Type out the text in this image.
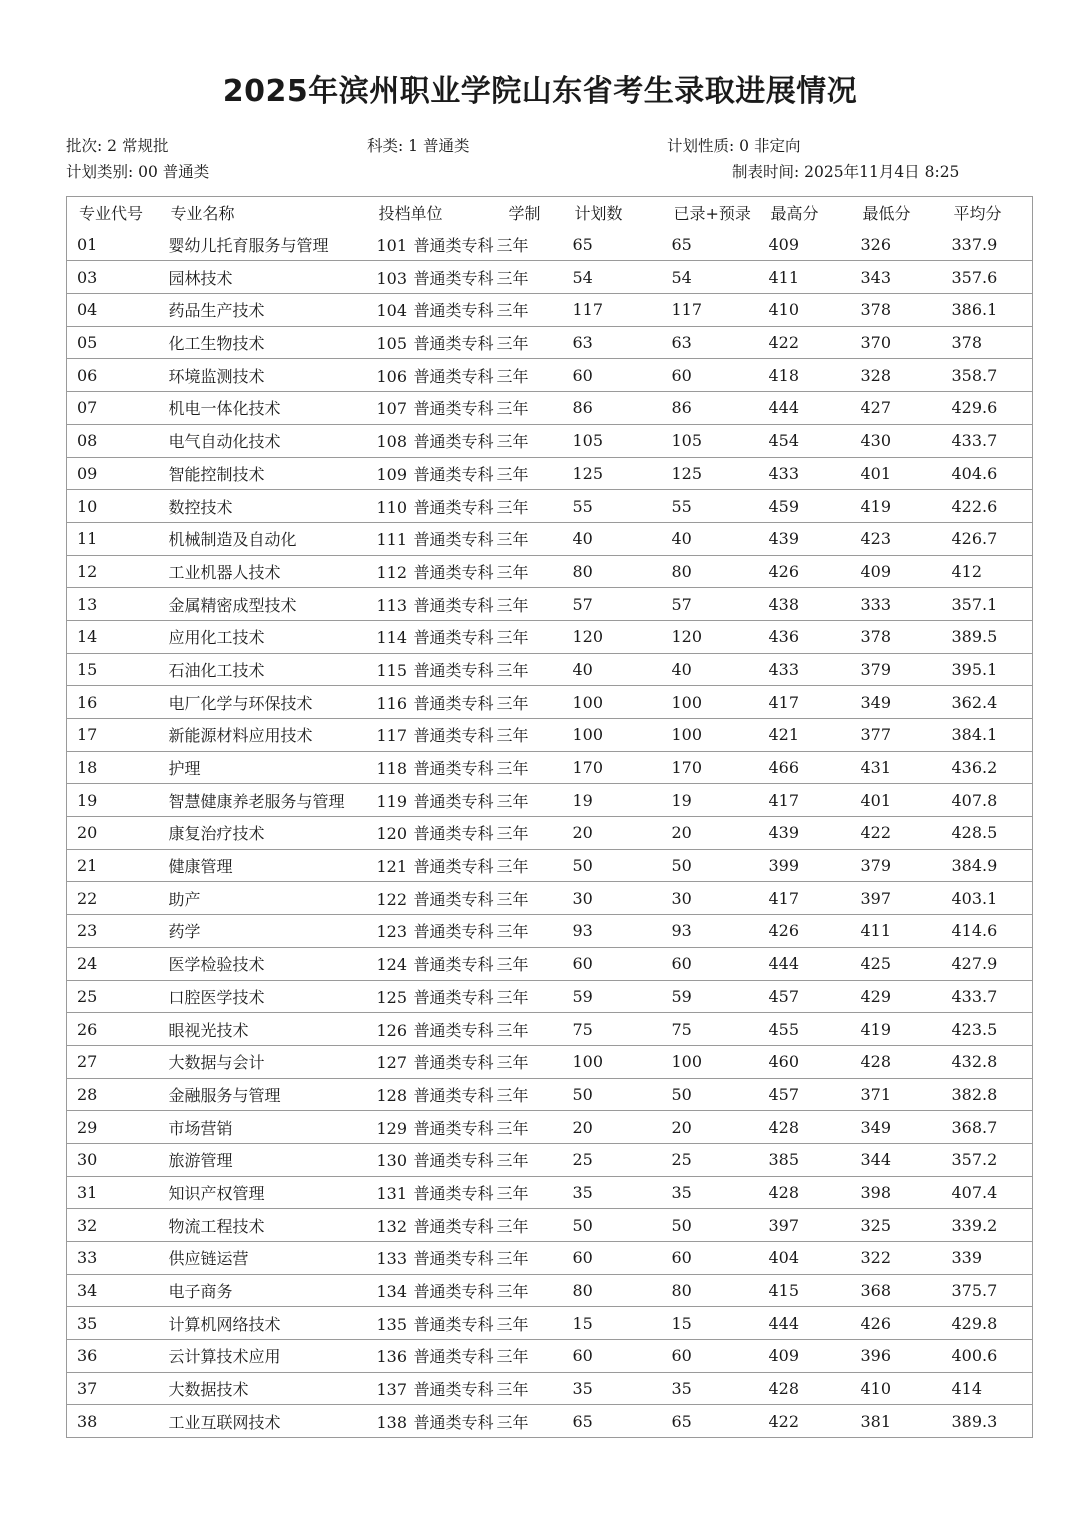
2025年滨州职业学院山东省考生录取进展情况
批次: 2 常规批	科类: 1 普通类	计划性质: 0 非定向
计划类别: 00 普通类	制表时间: 2025年11月4日 8:25
专业代号	专业名称	投档单位	学制	计划数	已录+预录	最高分	最低分	平均分
01	婴幼儿托育服务与管理	101 普通类专科	三年	65	65	409	326	337.9
03	园林技术	103 普通类专科	三年	54	54	411	343	357.6
04	药品生产技术	104 普通类专科	三年	117	117	410	378	386.1
05	化工生物技术	105 普通类专科	三年	63	63	422	370	378
06	环境监测技术	106 普通类专科	三年	60	60	418	328	358.7
07	机电一体化技术	107 普通类专科	三年	86	86	444	427	429.6
08	电气自动化技术	108 普通类专科	三年	105	105	454	430	433.7
09	智能控制技术	109 普通类专科	三年	125	125	433	401	404.6
10	数控技术	110 普通类专科	三年	55	55	459	419	422.6
11	机械制造及自动化	111 普通类专科	三年	40	40	439	423	426.7
12	工业机器人技术	112 普通类专科	三年	80	80	426	409	412
13	金属精密成型技术	113 普通类专科	三年	57	57	438	333	357.1
14	应用化工技术	114 普通类专科	三年	120	120	436	378	389.5
15	石油化工技术	115 普通类专科	三年	40	40	433	379	395.1
16	电厂化学与环保技术	116 普通类专科	三年	100	100	417	349	362.4
17	新能源材料应用技术	117 普通类专科	三年	100	100	421	377	384.1
18	护理	118 普通类专科	三年	170	170	466	431	436.2
19	智慧健康养老服务与管理	119 普通类专科	三年	19	19	417	401	407.8
20	康复治疗技术	120 普通类专科	三年	20	20	439	422	428.5
21	健康管理	121 普通类专科	三年	50	50	399	379	384.9
22	助产	122 普通类专科	三年	30	30	417	397	403.1
23	药学	123 普通类专科	三年	93	93	426	411	414.6
24	医学检验技术	124 普通类专科	三年	60	60	444	425	427.9
25	口腔医学技术	125 普通类专科	三年	59	59	457	429	433.7
26	眼视光技术	126 普通类专科	三年	75	75	455	419	423.5
27	大数据与会计	127 普通类专科	三年	100	100	460	428	432.8
28	金融服务与管理	128 普通类专科	三年	50	50	457	371	382.8
29	市场营销	129 普通类专科	三年	20	20	428	349	368.7
30	旅游管理	130 普通类专科	三年	25	25	385	344	357.2
31	知识产权管理	131 普通类专科	三年	35	35	428	398	407.4
32	物流工程技术	132 普通类专科	三年	50	50	397	325	339.2
33	供应链运营	133 普通类专科	三年	60	60	404	322	339
34	电子商务	134 普通类专科	三年	80	80	415	368	375.7
35	计算机网络技术	135 普通类专科	三年	15	15	444	426	429.8
36	云计算技术应用	136 普通类专科	三年	60	60	409	396	400.6
37	大数据技术	137 普通类专科	三年	35	35	428	410	414
38	工业互联网技术	138 普通类专科	三年	65	65	422	381	389.3
